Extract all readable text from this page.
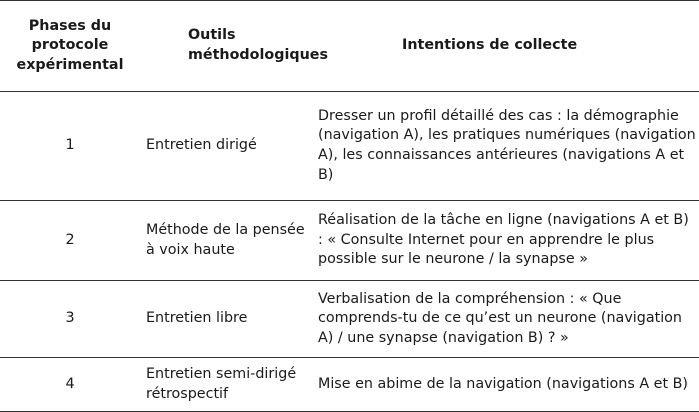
Phases du protocole expérimental	Outils méthodologiques	Intentions de collecte
1	Entretien dirigé	Dresser un profil détaillé des cas : la démographie (navigation A), les pratiques numériques (navigation A), les connaissances antérieures (navigations A et B)
2	Méthode de la pensée à voix haute	Réalisation de la tâche en ligne (navigations A et B) : « Consulte Internet pour en apprendre le plus possible sur le neurone / la synapse »
3	Entretien libre	Verbalisation de la compréhension : « Que comprends-tu de ce qu’est un neurone (navigation A) / une synapse (navigation B) ? »
4	Entretien semi-dirigé rétrospectif	Mise en abime de la navigation (navigations A et B)
